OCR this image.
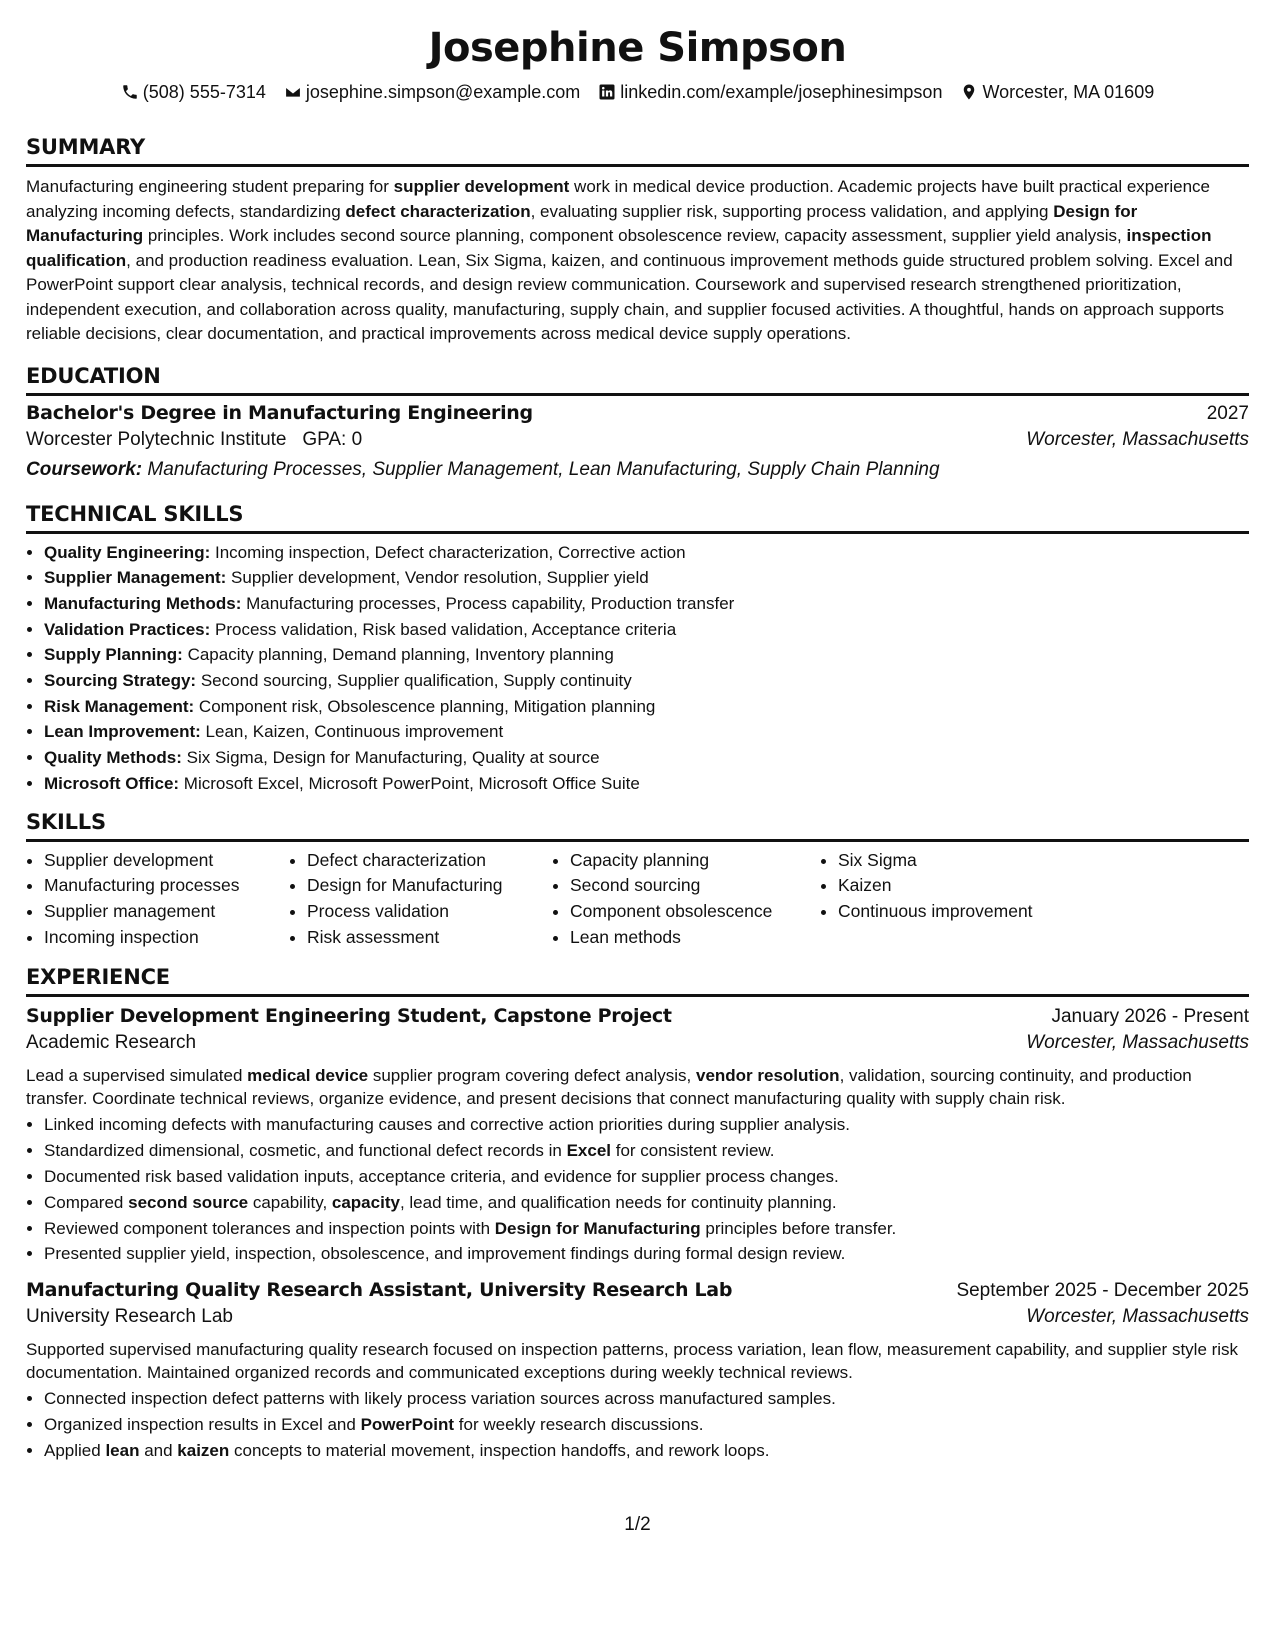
Josephine Simpson
(508) 555-7314 josephine.simpson@example.com linkedin.com/example/josephinesimpson Worcester, MA 01609
SUMMARY

Manufacturing engineering student preparing for supplier development work in medical device production. Academic projects have built practical experience analyzing incoming defects, standardizing defect characterization, evaluating supplier risk, supporting process validation, and applying Design for Manufacturing principles. Work includes second source planning, component obsolescence review, capacity assessment, supplier yield analysis, inspection qualification, and production readiness evaluation. Lean, Six Sigma, kaizen, and continuous improvement methods guide structured problem solving. Excel and PowerPoint support clear analysis, technical records, and design review communication. Coursework and supervised research strengthened prioritization, independent execution, and collaboration across quality, manufacturing, supply chain, and supplier focused activities. A thoughtful, hands on approach supports reliable decisions, clear documentation, and practical improvements across medical device supply operations.

EDUCATION
Bachelor's Degree in Manufacturing Engineering	2027
Worcester Polytechnic Institute GPA: 0	Worcester, Massachusetts
Coursework: Manufacturing Processes, Supplier Management, Lean Manufacturing, Supply Chain Planning
TECHNICAL SKILLS
• Quality Engineering: Incoming inspection, Defect characterization, Corrective action
• Supplier Management: Supplier development, Vendor resolution, Supplier yield
• Manufacturing Methods: Manufacturing processes, Process capability, Production transfer
• Validation Practices: Process validation, Risk based validation, Acceptance criteria
• Supply Planning: Capacity planning, Demand planning, Inventory planning
• Sourcing Strategy: Second sourcing, Supplier qualification, Supply continuity
• Risk Management: Component risk, Obsolescence planning, Mitigation planning
• Lean Improvement: Lean, Kaizen, Continuous improvement
• Quality Methods: Six Sigma, Design for Manufacturing, Quality at source
• Microsoft Office: Microsoft Excel, Microsoft PowerPoint, Microsoft Office Suite
SKILLS
• Supplier development
• Manufacturing processes
• Supplier management
• Incoming inspection
• Defect characterization
• Design for Manufacturing
• Process validation
• Risk assessment
• Capacity planning
• Second sourcing
• Component obsolescence
• Lean methods
• Six Sigma
• Kaizen
• Continuous improvement
EXPERIENCE
Supplier Development Engineering Student, Capstone Project	January 2026 - Present
Academic Research	Worcester, Massachusetts
Lead a supervised simulated medical device supplier program covering defect analysis, vendor resolution, validation, sourcing continuity, and production transfer. Coordinate technical reviews, organize evidence, and present decisions that connect manufacturing quality with supply chain risk.
• Linked incoming defects with manufacturing causes and corrective action priorities during supplier analysis.
• Standardized dimensional, cosmetic, and functional defect records in Excel for consistent review.
• Documented risk based validation inputs, acceptance criteria, and evidence for supplier process changes.
• Compared second source capability, capacity, lead time, and qualification needs for continuity planning.
• Reviewed component tolerances and inspection points with Design for Manufacturing principles before transfer.
• Presented supplier yield, inspection, obsolescence, and improvement findings during formal design review.
Manufacturing Quality Research Assistant, University Research Lab	September 2025 - December 2025
University Research Lab	Worcester, Massachusetts
Supported supervised manufacturing quality research focused on inspection patterns, process variation, lean flow, measurement capability, and supplier style risk documentation. Maintained organized records and communicated exceptions during weekly technical reviews.
• Connected inspection defect patterns with likely process variation sources across manufactured samples.
• Organized inspection results in Excel and PowerPoint for weekly research discussions.
• Applied lean and kaizen concepts to material movement, inspection handoffs, and rework loops.
1/2
